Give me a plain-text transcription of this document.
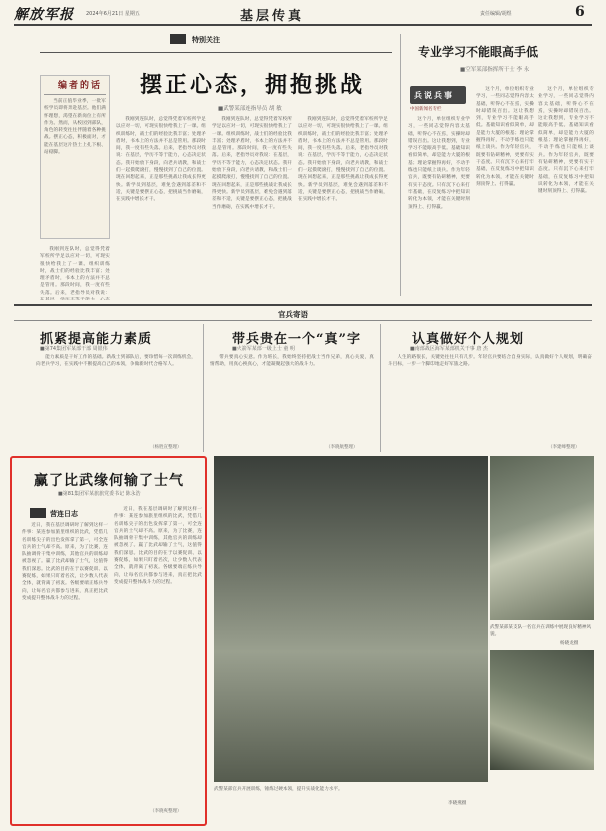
解放军报 2024年6月21日 星期五	基层传真	责任编辑/胡煜	6
特别关注
编者的话

当前正值毕业季，一批军校学员即将奔赴基层。他们满怀理想，渴望在新岗位上有所作为。然而，从校园到部队，角色的转变往往伴随着各种挑战。摆正心态，积极面对，才能在基层这片热土上扎下根、站稳脚。

摆正心态，拥抱挑战
■武警某部连指导员 胡 敏

我刚到连队时，总觉得凭着军校所学足以应对一切，可现实很快给我上了一课。组织训练时，战士们的经验比我丰富；处理矛盾时，书本上的方法并不总是管用。那段时间，我一度有些失落。后来，老指导员对我说：在基层，学历不等于能力，心态决定状态。我开始放下身段，向老兵请教，和战士们一起摸爬滚打，慢慢找到了自己的位置。现在回想起来，正是那些挑战让我成长得更快。新学员到基层，难免会遇到落差和不适，关键是要摆正心态，把挑战当作磨砺，在实践中增长才干。

我刚到连队时，总觉得凭着军校所学足以应对一切，可现实很快给我上了一课。组织训练时，战士们的经验比我丰富；处理矛盾时，书本上的方法并不总是管用。那段时间，我一度有些失落。后来，老指导员对我说：在基层，学历不等于能力，心态决定状态。我开始放下身段，向老兵请教，和战士们一起摸爬滚打，慢慢找到了自己的位置。现在回想起来，正是那些挑战让我成长得更快。新学员到基层，难免会遇到落差和不适，关键是要摆正心态，把挑战当作磨砺，在实践中增长才干。

我刚到连队时，总觉得凭着军校所学足以应对一切，可现实很快给我上了一课。组织训练时，战士们的经验比我丰富；处理矛盾时，书本上的方法并不总是管用。那段时间，我一度有些失落。后来，老指导员对我说：在基层，学历不等于能力，心态决定状态。我开始放下身段，向老兵请教，和战士们一起摸爬滚打，慢慢找到了自己的位置。现在回想起来，正是那些挑战让我成长得更快。新学员到基层，难免会遇到落差和不适，关键是要摆正心态，把挑战当作磨砺，在实践中增长才干。

我刚到连队时，总觉得凭着军校所学足以应对一切，可现实很快给我上了一课。组织训练时，战士们的经验比我丰富；处理矛盾时，书本上的方法并不总是管用。那段时间，我一度有些失落。后来，老指导员对我说：

专业学习不能眼高手低
■空军某部指挥所干士 李 永
兵说兵事
中国新闻名专栏

这个月，单位组织专业学习，一些同志觉得内容太基础，听得心不在焉，实操时却错误百出。这让我想到，专业学习不能眼高手低。基础知识看似简单，却是能力大厦的根基；理论掌握得再好，不动手练也只能纸上谈兵。作为年轻官兵，既要有钻研精神，更要有实干态度。只有沉下心来打牢基础，在反复练习中把知识转化为本领，才能在关键时刻顶得上、打得赢。

这个月，单位组织专业学习，一些同志觉得内容太基础，听得心不在焉，实操时却错误百出。这让我想到，专业学习不能眼高手低。基础知识看似简单，却是能力大厦的根基；理论掌握得再好，不动手练也只能纸上谈兵。作为年轻官兵，既要有钻研精神，更要有实干态度。只有沉下心来打牢基础，在反复练习中把知识转化为本领，才能在关键时刻顶得上、打得赢。

这个月，单位组织专业学习，一些同志觉得内容太基础，听得心不在焉，实操时却错误百出。这让我想到，专业学习不能眼高手低。基础知识看似简单，却是能力大厦的根基；理论掌握得再好，不动手练也只能纸上谈兵。作为年轻官兵，既要有钻研精神，更要有实干态度。只有沉下心来打牢基础，在反复练习中把知识转化为本领，才能在关键时刻顶得上、打得赢。

官兵寄语
抓紧提高能力素质
■第74集团军某部干部 周银伟

能力素质是干好工作的基础。新战士到部队后，要珍惜每一次训练机会，向老兵学习，在实践中不断提高自己的本领，争做新时代合格军人。

（杨胜宣整理）
带兵贵在一个“真”字
■火箭军某部一级上士 童 明

带兵要真心实意。作为班长，我始终坚持把战士当作兄弟，真心关爱，真情帮助，用真心换真心，才能凝聚起强大的战斗力。

（李晓航整理）
认真做好个人规划
■南部战区海军某部机关干事 唐 杰

人生的路很长，关键处往往只有几步。年轻官兵要结合自身实际，认真做好个人规划，明确奋斗目标，一步一个脚印地走好军旅之路。

（李建峰整理）
赢了比武缘何输了士气
■第81集团军某旅旅党委书记 陈永浩
营连日志

近日，我在基层调研时了解到这样一件事：某连参加旅里组织的比武，凭借几名训练尖子的出色发挥拿了第一，可全连官兵的士气却不高。原来，为了比赛，连队抽调骨干集中训练，其他官兵的训练却被忽视了。赢了比武却输了士气，这值得我们深思。比武的目的在于以赛促训、以赛促练，如果只盯着名次，让少数人代表全体，就背离了初衷。各级要端正练兵导向，让每名官兵都参与进来，真正把比武变成提升整体战斗力的过程。

近日，我在基层调研时了解到这样一件事：某连参加旅里组织的比武，凭借几名训练尖子的出色发挥拿了第一，可全连官兵的士气却不高。原来，为了比赛，连队抽调骨干集中训练，其他官兵的训练却被忽视了。赢了比武却输了士气，这值得我们深思。比武的目的在于以赛促训、以赛促练，如果只盯着名次，让少数人代表全体，就背离了初衷。各级要端正练兵导向，让每名官兵都参与进来，真正把比武变成提升整体战斗力的过程。

（李晓爽整理）
武警某部某支队一名官兵在训练中展现良好精神风貌。
杨晓龙摄
武警某部官兵开展训练，锤炼过硬本领，提升实战化能力水平。
李晓燕摄
